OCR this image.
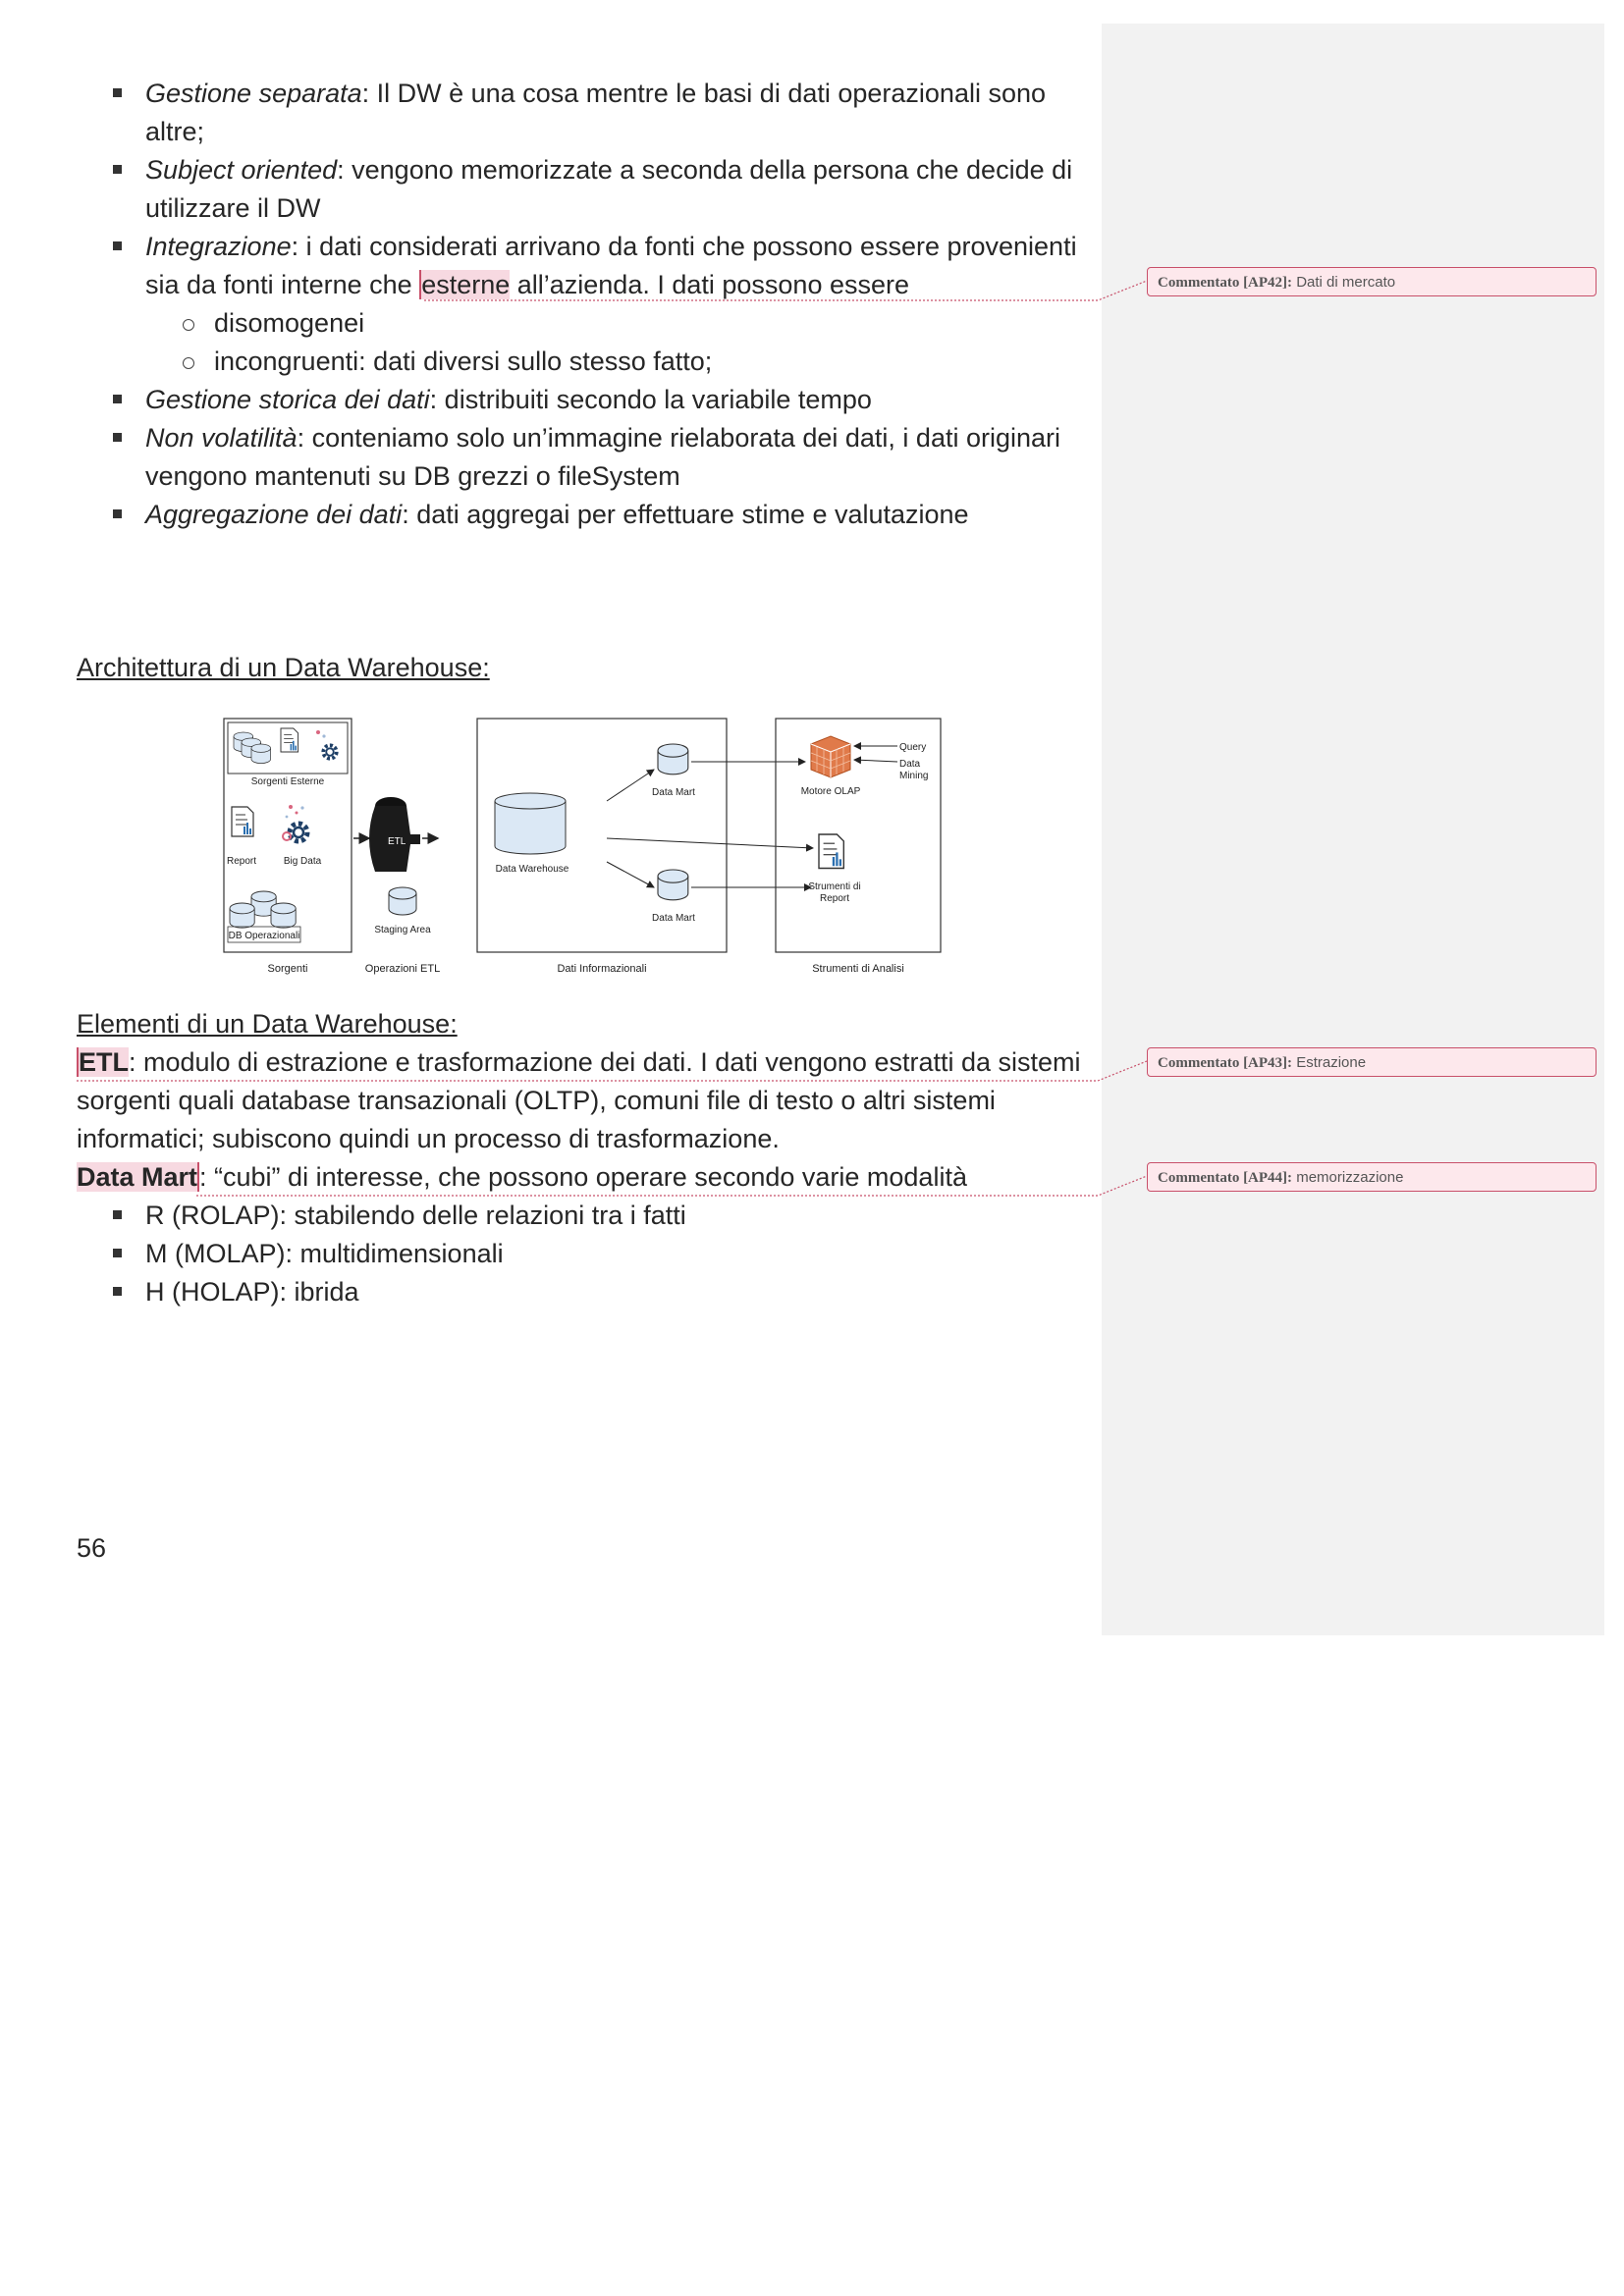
Gestione separata: Il DW è una cosa mentre le basi di dati operazionali sono altre;
Subject oriented: vengono memorizzate a seconda della persona che decide di utilizzare il DW
Integrazione: i dati considerati arrivano da fonti che possono essere provenienti sia da fonti interne che esterne all’azienda. I dati possono essere
disomogenei
incongruenti: dati diversi sullo stesso fatto;
Gestione storica dei dati: distribuiti secondo la variabile tempo
Non volatilità: conteniamo solo un’immagine rielaborata dei dati, i dati originari vengono mantenuti su DB grezzi o fileSystem
Aggregazione dei dati: dati aggregai per effettuare stime e valutazione
Architettura di un Data Warehouse:
Elementi di un Data Warehouse:
ETL: modulo di estrazione e trasformazione dei dati. I dati vengono estratti da sistemi sorgenti quali database transazionali (OLTP), comuni file di testo o altri sistemi informatici; subiscono quindi un processo di trasformazione.
Data Mart: “cubi” di interesse, che possono operare secondo varie modalità
R (ROLAP): stabilendo delle relazioni tra i fatti
M (MOLAP): multidimensionali
H (HOLAP): ibrida
Sorgenti Esterne
Report	Big Data
DB Operazionali
Sorgenti
ETL
Staging Area
Operazioni ETL
Data Warehouse
Data Mart
Data Mart
Dati Informazionali
Motore OLAP
Query
Data
Mining
Strumenti di
Report
Strumenti di Analisi
56
Commentato [AP42]: Dati di mercato
Commentato [AP43]: Estrazione
Commentato [AP44]: memorizzazione
